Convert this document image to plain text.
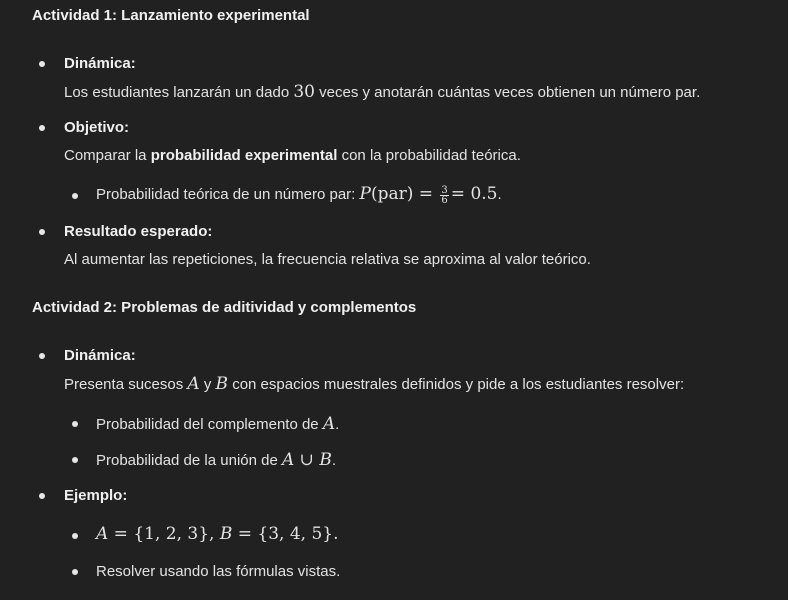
Actividad 1: Lanzamiento experimental
Dinámica:
Los estudiantes lanzarán un dado 30 veces y anotarán cuántas veces obtienen un número par.
Objetivo:
Comparar la probabilidad experimental con la probabilidad teórica.
Probabilidad teórica de un número par: $P(par) = \frac{3}{6} = 0.5$.
Resultado esperado:
Al aumentar las repeticiones, la frecuencia relativa se aproxima al valor teórico.
Actividad 2: Problemas de aditividad y complementos
Dinámica:
Presenta sucesos A y B con espacios muestrales definidos y pide a los estudiantes resolver:
Probabilidad del complemento de A.
Probabilidad de la unión de A ∪ B.
Ejemplo:
A = {1, 2, 3}, B = {3, 4, 5}.
Resolver usando las fórmulas vistas.
